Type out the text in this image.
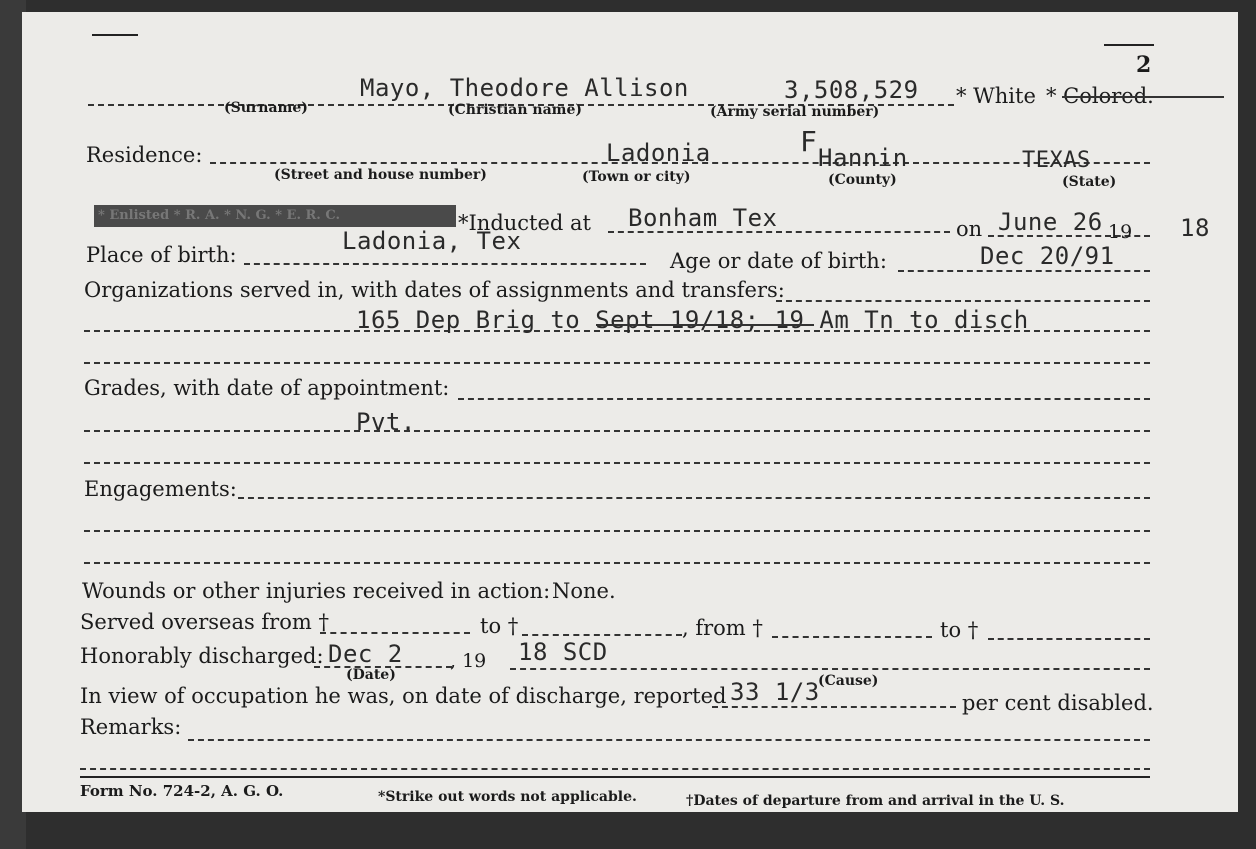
2
Mayo, Theodore Allison	3,508,529 * White * Colored.
(Surname)	(Christian name)	(Army serial number)
Residence:	Ladonia	F Hannin	TEXAS
(Street and house number)	(Town or city)	(County)	(State)
* Enlisted * R. A. * N. G. * E. R. C.	*Inducted at Bonham Tex	on June 26 19 18
Place of birth:	Ladonia, Tex
Age or date of birth:	Dec 20/91
Organizations served in, with dates of assignments and transfers:
165 Dep Brig to Sept 19/18; 19 Am Tn to disch
Grades, with date of appointment:
Pvt.
Engagements:
Wounds or other injuries received in action: None.
Served overseas from †	to †	, from †	to †
Honorably discharged: Dec 2 , 19 18 SCD
(Date)	(Cause)
In view of occupation he was, on date of discharge, reported 33 1/3	per cent disabled.
Remarks:
Form No. 724-2, A. G. O.	*Strike out words not applicable.	†Dates of departure from and arrival in the U. S.
